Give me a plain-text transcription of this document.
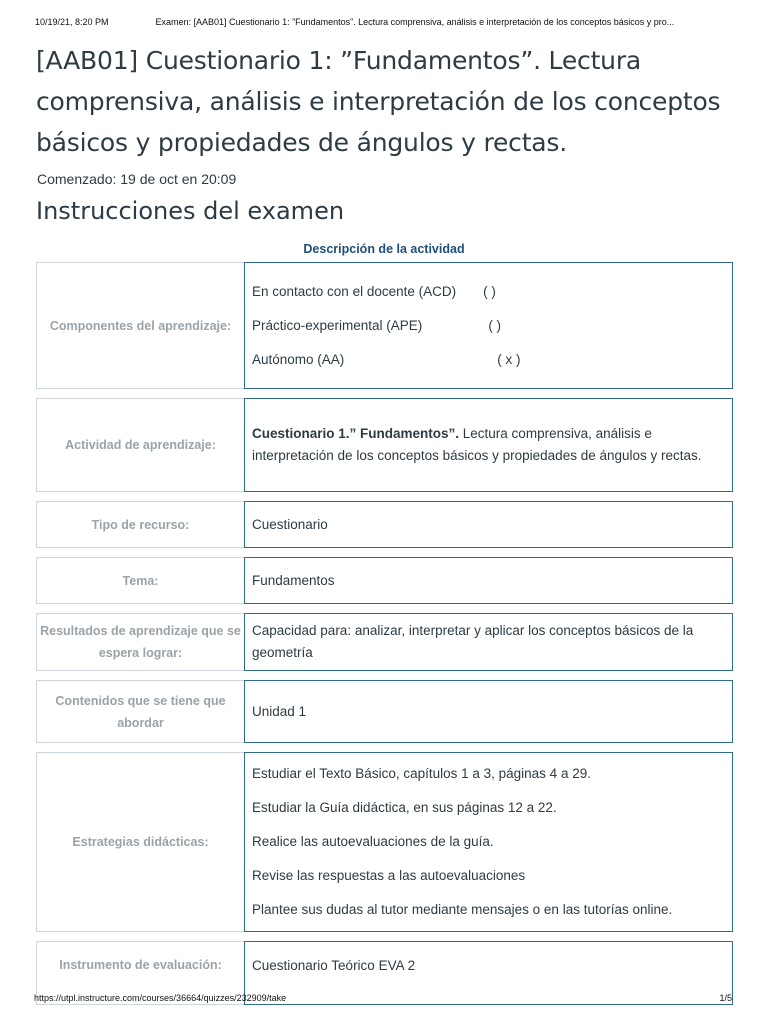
10/19/21, 8:20 PM	Examen: [AAB01] Cuestionario 1: ”Fundamentos”. Lectura comprensiva, análisis e interpretación de los conceptos básicos y pro...
[AAB01] Cuestionario 1: ”Fundamentos”. Lectura comprensiva, análisis e interpretación de los conceptos básicos y propiedades de ángulos y rectas.
Comenzado: 19 de oct en 20:09
Instrucciones del examen
Descripción de la actividad
Componentes del aprendizaje:	En contacto con el docente (ACD) ( )
Práctico-experimental (APE) ( )
Autónomo (AA) ( x )

Actividad de aprendizaje:	Cuestionario 1.” Fundamentos”. Lectura comprensiva, análisis e interpretación de los conceptos básicos y propiedades de ángulos y rectas.

Tipo de recurso:	Cuestionario

Tema:	Fundamentos

Resultados de aprendizaje que se espera lograr:	Capacidad para: analizar, interpretar y aplicar los conceptos básicos de la geometría

Contenidos que se tiene que abordar	Unidad 1

Estrategias didácticas:	Estudiar el Texto Básico, capítulos 1 a 3, páginas 4 a 29.
Estudiar la Guía didáctica, en sus páginas 12 a 22.
Realice las autoevaluaciones de la guía.
Revise las respuestas a las autoevaluaciones
Plantee sus dudas al tutor mediante mensajes o en las tutorías online.

Instrumento de evaluación:	Cuestionario Teórico EVA 2
https://utpl.instructure.com/courses/36664/quizzes/232909/take	1/5
